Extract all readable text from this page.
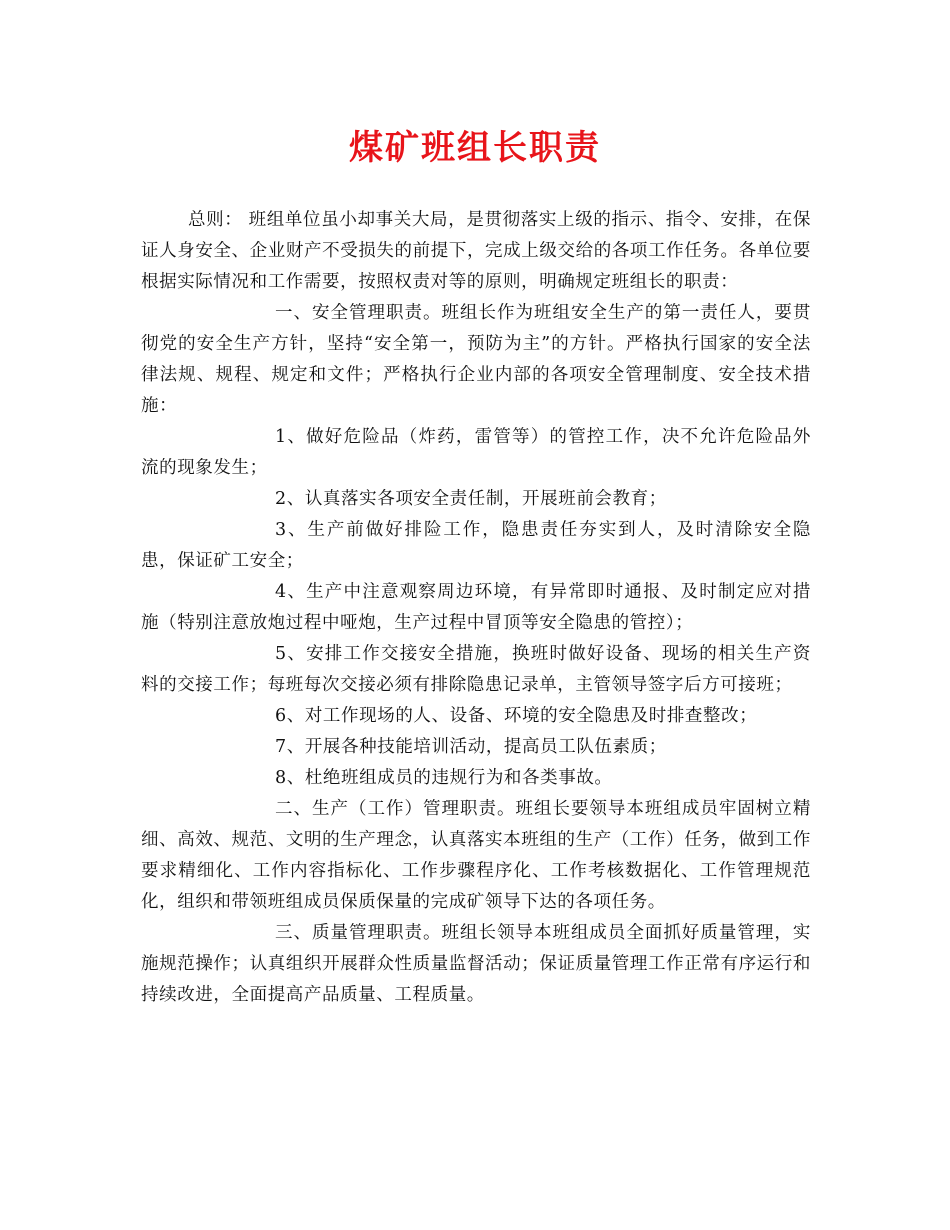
煤矿班组长职责

总则： 班组单位虽小却事关大局，是贯彻落实上级的指示、指令、安排，在保证人身安全、企业财产不受损失的前提下，完成上级交给的各项工作任务。各单位要根据实际情况和工作需要，按照权责对等的原则，明确规定班组长的职责：

一、安全管理职责。班组长作为班组安全生产的第一责任人，要贯彻党的安全生产方针，坚持“安全第一，预防为主”的方针。严格执行国家的安全法律法规、规程、规定和文件；严格执行企业内部的各项安全管理制度、安全技术措施：

1、做好危险品（炸药，雷管等）的管控工作，决不允许危险品外流的现象发生；

2、认真落实各项安全责任制，开展班前会教育；

3、生产前做好排险工作，隐患责任夯实到人，及时清除安全隐患，保证矿工安全；

4、生产中注意观察周边环境，有异常即时通报、及时制定应对措施（特别注意放炮过程中哑炮，生产过程中冒顶等安全隐患的管控）；

5、安排工作交接安全措施，换班时做好设备、现场的相关生产资料的交接工作；每班每次交接必须有排除隐患记录单，主管领导签字后方可接班；

6、对工作现场的人、设备、环境的安全隐患及时排查整改；

7、开展各种技能培训活动，提高员工队伍素质；

8、杜绝班组成员的违规行为和各类事故。

二、生产（工作）管理职责。班组长要领导本班组成员牢固树立精细、高效、规范、文明的生产理念，认真落实本班组的生产（工作）任务，做到工作要求精细化、工作内容指标化、工作步骤程序化、工作考核数据化、工作管理规范化，组织和带领班组成员保质保量的完成矿领导下达的各项任务。

三、质量管理职责。班组长领导本班组成员全面抓好质量管理，实施规范操作；认真组织开展群众性质量监督活动；保证质量管理工作正常有序运行和持续改进，全面提高产品质量、工程质量。
